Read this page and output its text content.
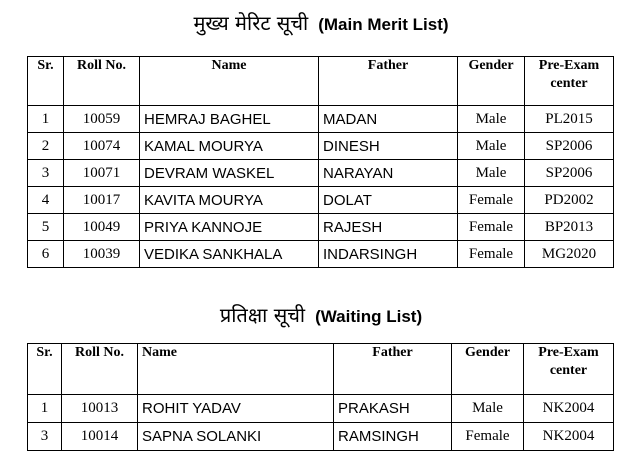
मुख्य मेरिट सूची (Main Merit List)
Sr.	Roll No.	Name	Father	Gender	Pre-Exam center
1	10059	HEMRAJ BAGHEL	MADAN	Male	PL2015
2	10074	KAMAL MOURYA	DINESH	Male	SP2006
3	10071	DEVRAM WASKEL	NARAYAN	Male	SP2006
4	10017	KAVITA MOURYA	DOLAT	Female	PD2002
5	10049	PRIYA KANNOJE	RAJESH	Female	BP2013
6	10039	VEDIKA SANKHALA	INDARSINGH	Female	MG2020
प्रतिक्षा सूची (Waiting List)
Sr.	Roll No.	Name	Father	Gender	Pre-Exam center
1	10013	ROHIT YADAV	PRAKASH	Male	NK2004
3	10014	SAPNA SOLANKI	RAMSINGH	Female	NK2004
